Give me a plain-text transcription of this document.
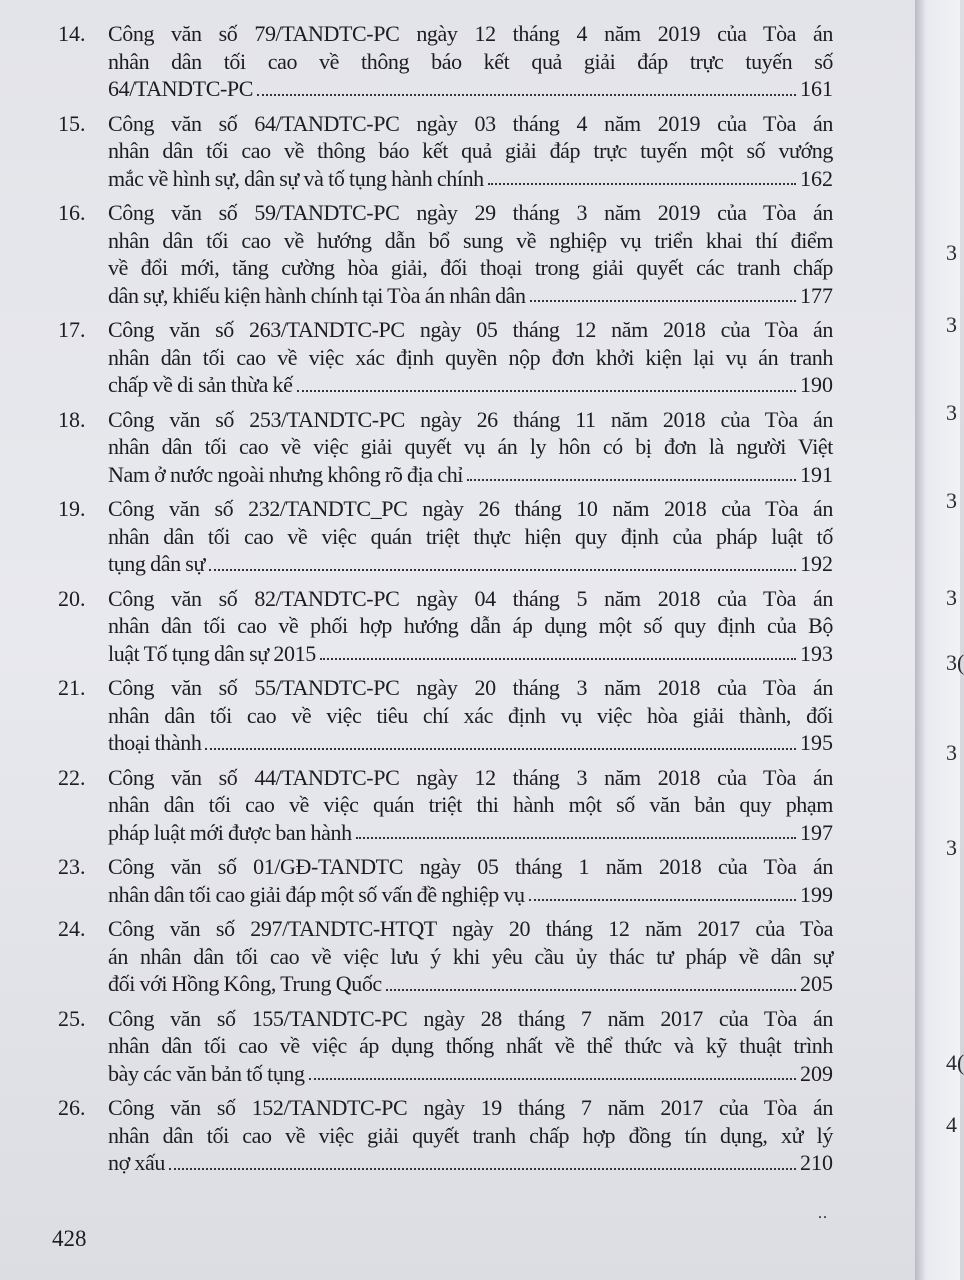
14.	Công văn số 79/TANDTC-PC ngày 12 tháng 4 năm 2019 của Tòa án
nhân dân tối cao về thông báo kết quả giải đáp trực tuyến số
64/TANDTC-PC	161
15.	Công văn số 64/TANDTC-PC ngày 03 tháng 4 năm 2019 của Tòa án
nhân dân tối cao về thông báo kết quả giải đáp trực tuyến một số vướng
mắc về hình sự, dân sự và tố tụng hành chính	162
16.	Công văn số 59/TANDTC-PC ngày 29 tháng 3 năm 2019 của Tòa án
nhân dân tối cao về hướng dẫn bổ sung về nghiệp vụ triển khai thí điểm
về đổi mới, tăng cường hòa giải, đối thoại trong giải quyết các tranh chấp
dân sự, khiếu kiện hành chính tại Tòa án nhân dân	177
17.	Công văn số 263/TANDTC-PC ngày 05 tháng 12 năm 2018 của Tòa án
nhân dân tối cao về việc xác định quyền nộp đơn khởi kiện lại vụ án tranh
chấp về di sản thừa kế	190
18.	Công văn số 253/TANDTC-PC ngày 26 tháng 11 năm 2018 của Tòa án
nhân dân tối cao về việc giải quyết vụ án ly hôn có bị đơn là người Việt
Nam ở nước ngoài nhưng không rõ địa chỉ	191
19.	Công văn số 232/TANDTC_PC ngày 26 tháng 10 năm 2018 của Tòa án
nhân dân tối cao về việc quán triệt thực hiện quy định của pháp luật tố
tụng dân sự	192
20.	Công văn số 82/TANDTC-PC ngày 04 tháng 5 năm 2018 của Tòa án
nhân dân tối cao về phối hợp hướng dẫn áp dụng một số quy định của Bộ
luật Tố tụng dân sự 2015	193
21.	Công văn số 55/TANDTC-PC ngày 20 tháng 3 năm 2018 của Tòa án
nhân dân tối cao về việc tiêu chí xác định vụ việc hòa giải thành, đối
thoại thành	195
22.	Công văn số 44/TANDTC-PC ngày 12 tháng 3 năm 2018 của Tòa án
nhân dân tối cao về việc quán triệt thi hành một số văn bản quy phạm
pháp luật mới được ban hành	197
23.	Công văn số 01/GĐ-TANDTC ngày 05 tháng 1 năm 2018 của Tòa án
nhân dân tối cao giải đáp một số vấn đề nghiệp vụ	199
24.	Công văn số 297/TANDTC-HTQT ngày 20 tháng 12 năm 2017 của Tòa
án nhân dân tối cao về việc lưu ý khi yêu cầu ủy thác tư pháp về dân sự
đối với Hồng Kông, Trung Quốc	205
25.	Công văn số 155/TANDTC-PC ngày 28 tháng 7 năm 2017 của Tòa án
nhân dân tối cao về việc áp dụng thống nhất về thể thức và kỹ thuật trình
bày các văn bản tố tụng	209
26.	Công văn số 152/TANDTC-PC ngày 19 tháng 7 năm 2017 của Tòa án
nhân dân tối cao về việc giải quyết tranh chấp hợp đồng tín dụng, xử lý
nợ xấu	210
..
428
3
3
3
3
3
3(
3
3
4(
4
